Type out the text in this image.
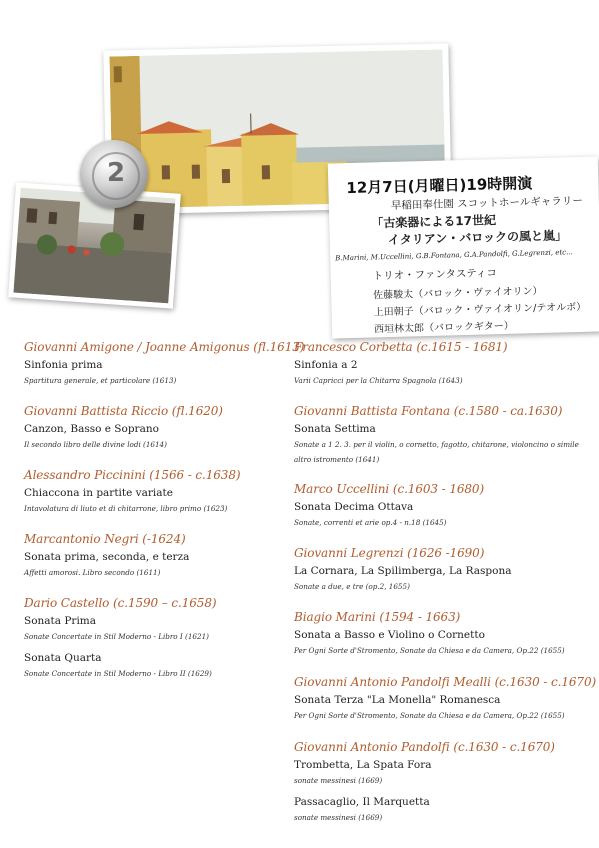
2	12月7日(月曜日)19時開演
早稲田奉仕園 スコットホールギャラリー
「古楽器による17世紀
イタリアン・バロックの風と嵐」
B.Marini, M.Uccellini, G.B.Fontana, G.A.Pandolfi, G.Legrenzi, etc...
トリオ・ファンタスティコ
佐藤駿太（バロック・ヴァイオリン）
上田朝子（バロック・ヴァイオリン/テオルボ）
西垣林太郎（バロックギター）
Giovanni Amigone / Joanne Amigonus (fl.1613)
Sinfonia prima
Spartitura generale, et particolare (1613)
Giovanni Battista Riccio (fl.1620)
Canzon, Basso e Soprano
Il secondo libro delle divine lodi (1614)
Alessandro Piccinini (1566 - c.1638)
Chiaccona in partite variate
Intavolatura di liuto et di chitarrone, libro primo (1623)
Marcantonio Negri (-1624)
Sonata prima, seconda, e terza
Affetti amorosi. Libro secondo (1611)
Dario Castello (c.1590 – c.1658)
Sonata Prima
Sonate Concertate in Stil Moderno - Libro I (1621)
Sonata Quarta
Sonate Concertate in Stil Moderno - Libro II (1629)
Francesco Corbetta (c.1615 - 1681)
Sinfonia a 2
Varii Capricci per la Chitarra Spagnola (1643)
Giovanni Battista Fontana (c.1580 - ca.1630)
Sonata Settima
Sonate a 1 2. 3. per il violin, o cornetto, fagotto, chitarone, violoncino o simile altro istromento (1641)
Marco Uccellini (c.1603 - 1680)
Sonata Decima Ottava
Sonate, correnti et arie op.4 - n.18 (1645)
Giovanni Legrenzi (1626 -1690)
La Cornara, La Spilimberga, La Raspona
Sonate a due, e tre (op.2, 1655)
Biagio Marini (1594 - 1663)
Sonata a Basso e Violino o Cornetto
Per Ogni Sorte d'Stromento, Sonate da Chiesa e da Camera, Op.22 (1655)
Giovanni Antonio Pandolfi Mealli (c.1630 - c.1670)
Sonata Terza "La Monella" Romanesca
Per Ogni Sorte d'Stromento, Sonate da Chiesa e da Camera, Op.22 (1655)
Giovanni Antonio Pandolfi (c.1630 - c.1670)
Trombetta, La Spata Fora
sonate messinesi (1669)
Passacaglio, Il Marquetta
sonate messinesi (1669)
